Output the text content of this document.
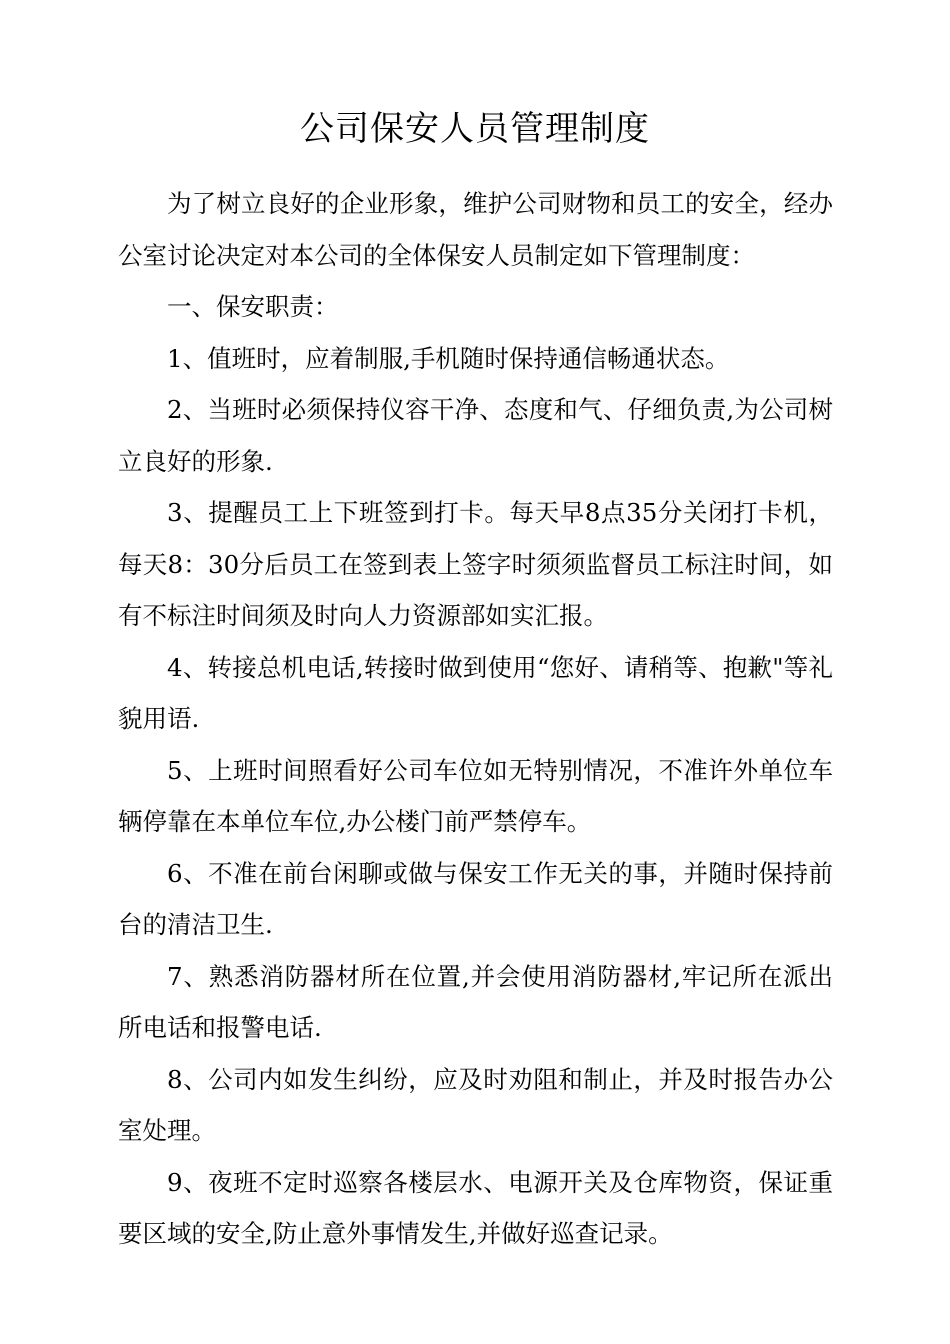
公司保安人员管理制度

为了树立良好的企业形象，维护公司财物和员工的安全，经办公室讨论决定对本公司的全体保安人员制定如下管理制度：

一、保安职责：

1、值班时，应着制服,手机随时保持通信畅通状态。

2、当班时必须保持仪容干净、态度和气、仔细负责,为公司树立良好的形象.

3、提醒员工上下班签到打卡。每天早8点35分关闭打卡机，每天8：30分后员工在签到表上签字时须须监督员工标注时间，如有不标注时间须及时向人力资源部如实汇报。

4、转接总机电话,转接时做到使用“您好、请稍等、抱歉"等礼貌用语.

5、上班时间照看好公司车位如无特别情况，不准许外单位车辆停靠在本单位车位,办公楼门前严禁停车。

6、不准在前台闲聊或做与保安工作无关的事，并随时保持前台的清洁卫生.

7、熟悉消防器材所在位置,并会使用消防器材,牢记所在派出所电话和报警电话.

8、公司内如发生纠纷，应及时劝阻和制止，并及时报告办公室处理。

9、夜班不定时巡察各楼层水、电源开关及仓库物资，保证重要区域的安全,防止意外事情发生,并做好巡查记录。
